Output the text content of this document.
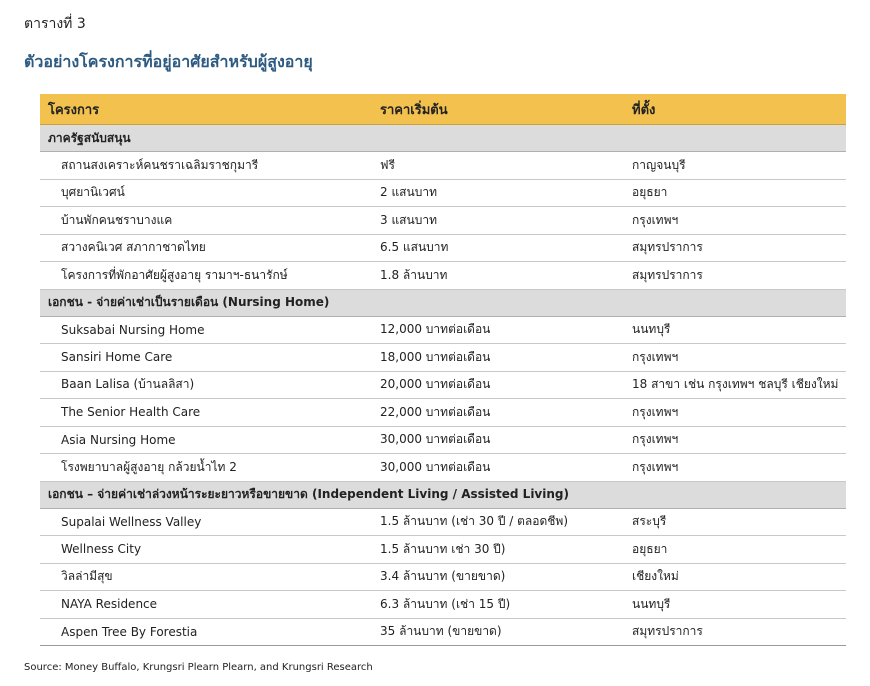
ตารางที่ 3
ตัวอย่างโครงการที่อยู่อาศัยสำหรับผู้สูงอายุ
โครงการ	ราคาเริ่มต้น	ที่ตั้ง
ภาครัฐสนับสนุน		
สถานสงเคราะห์คนชราเฉลิมราชกุมารี	ฟรี	กาญจนบุรี
บุศยานิเวศน์	2 แสนบาท	อยุธยา
บ้านพักคนชราบางแค	3 แสนบาท	กรุงเทพฯ
สวางคนิเวศ สภากาชาดไทย	6.5 แสนบาท	สมุทรปราการ
โครงการที่พักอาศัยผู้สูงอายุ รามาฯ-ธนารักษ์	1.8 ล้านบาท	สมุทรปราการ
เอกชน - จ่ายค่าเช่าเป็นรายเดือน (Nursing Home)		
Suksabai Nursing Home	12,000 บาทต่อเดือน	นนทบุรี
Sansiri Home Care	18,000 บาทต่อเดือน	กรุงเทพฯ
Baan Lalisa (บ้านลลิสา)	20,000 บาทต่อเดือน	18 สาขา เช่น กรุงเทพฯ ชลบุรี เชียงใหม่
The Senior Health Care	22,000 บาทต่อเดือน	กรุงเทพฯ
Asia Nursing Home	30,000 บาทต่อเดือน	กรุงเทพฯ
โรงพยาบาลผู้สูงอายุ กล้วยน้ำไท 2	30,000 บาทต่อเดือน	กรุงเทพฯ
เอกชน – จ่ายค่าเช่าล่วงหน้าระยะยาวหรือขายขาด (Independent Living / Assisted Living)		
Supalai Wellness Valley	1.5 ล้านบาท (เช่า 30 ปี / ตลอดชีพ)	สระบุรี
Wellness City	1.5 ล้านบาท เช่า 30 ปี)	อยุธยา
วิลล่ามีสุข	3.4 ล้านบาท (ขายขาด)	เชียงใหม่
NAYA Residence	6.3 ล้านบาท (เช่า 15 ปี)	นนทบุรี
Aspen Tree By Forestia	35 ล้านบาท (ขายขาด)	สมุทรปราการ
Source: Money Buffalo, Krungsri Plearn Plearn, and Krungsri Research
